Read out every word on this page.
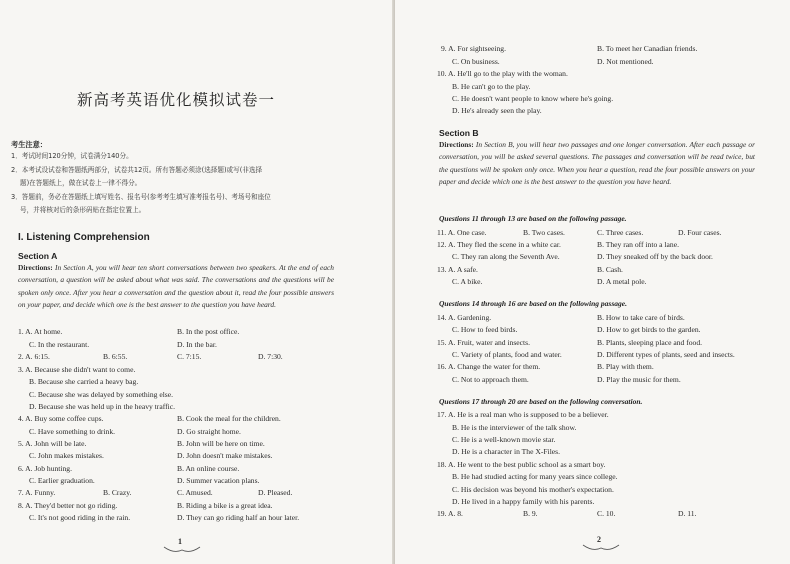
新高考英语优化模拟试卷一
考生注意：
1．考试时间120分钟，试卷满分140分。
2．本考试设试卷和答题纸两部分，试卷共12页。所有答题必须涂(选择题)或写(非选择
题)在答题纸上，做在试卷上一律不得分。
3．答题前，务必在答题纸上填写姓名、报名号(参考考生填写准考报名号)、考场号和座位
号，并将核对后的条形码贴在指定位置上。
I. Listening Comprehension
Section A
Directions: In Section A, you will hear ten short conversations between two speakers. At the end of each conversation, a question will be asked about what was said. The conversations and the questions will be spoken only once. After you hear a conversation and the question about it, read the four possible answers on your paper, and decide which one is the best answer to the question you have heard.
1. A. At home.	B. In the post office.
C. In the restaurant.	D. In the bar.
2. A. 6:15.	B. 6:55.	C. 7:15.	D. 7:30.
3. A. Because she didn't want to come.
B. Because she carried a heavy bag.
C. Because she was delayed by something else.
D. Because she was held up in the heavy traffic.
4. A. Buy some coffee cups.	B. Cook the meal for the children.
C. Have something to drink.	D. Go straight home.
5. A. John will be late.	B. John will be here on time.
C. John makes mistakes.	D. John doesn't make mistakes.
6. A. Job hunting.	B. An online course.
C. Earlier graduation.	D. Summer vacation plans.
7. A. Funny.	B. Crazy.	C. Amused.	D. Pleased.
8. A. They'd better not go riding.	B. Riding a bike is a great idea.
C. It's not good riding in the rain.	D. They can go riding half an hour later.
1
9. A. For sightseeing.	B. To meet her Canadian friends.
C. On business.	D. Not mentioned.
10. A. He'll go to the play with the woman.
B. He can't go to the play.
C. He doesn't want people to know where he's going.
D. He's already seen the play.
Section B
Directions: In Section B, you will hear two passages and one longer conversation. After each passage or conversation, you will be asked several questions. The passages and conversation will be read twice, but the questions will be spoken only once. When you hear a question, read the four possible answers on your paper and decide which one is the best answer to the question you have heard.
Questions 11 through 13 are based on the following passage.
11. A. One case.	B. Two cases.	C. Three cases.	D. Four cases.
12. A. They fled the scene in a white car.	B. They ran off into a lane.
C. They ran along the Seventh Ave.	D. They sneaked off by the back door.
13. A. A safe.	B. Cash.
C. A bike.	D. A metal pole.
Questions 14 through 16 are based on the following passage.
14. A. Gardening.	B. How to take care of birds.
C. How to feed birds.	D. How to get birds to the garden.
15. A. Fruit, water and insects.	B. Plants, sleeping place and food.
C. Variety of plants, food and water.	D. Different types of plants, seed and insects.
16. A. Change the water for them.	B. Play with them.
C. Not to approach them.	D. Play the music for them.
Questions 17 through 20 are based on the following conversation.
17. A. He is a real man who is supposed to be a believer.
B. He is the interviewer of the talk show.
C. He is a well-known movie star.
D. He is a character in The X-Files.
18. A. He went to the best public school as a smart boy.
B. He had studied acting for many years since college.
C. His decision was beyond his mother's expectation.
D. He lived in a happy family with his parents.
19. A. 8.	B. 9.	C. 10.	D. 11.
2
